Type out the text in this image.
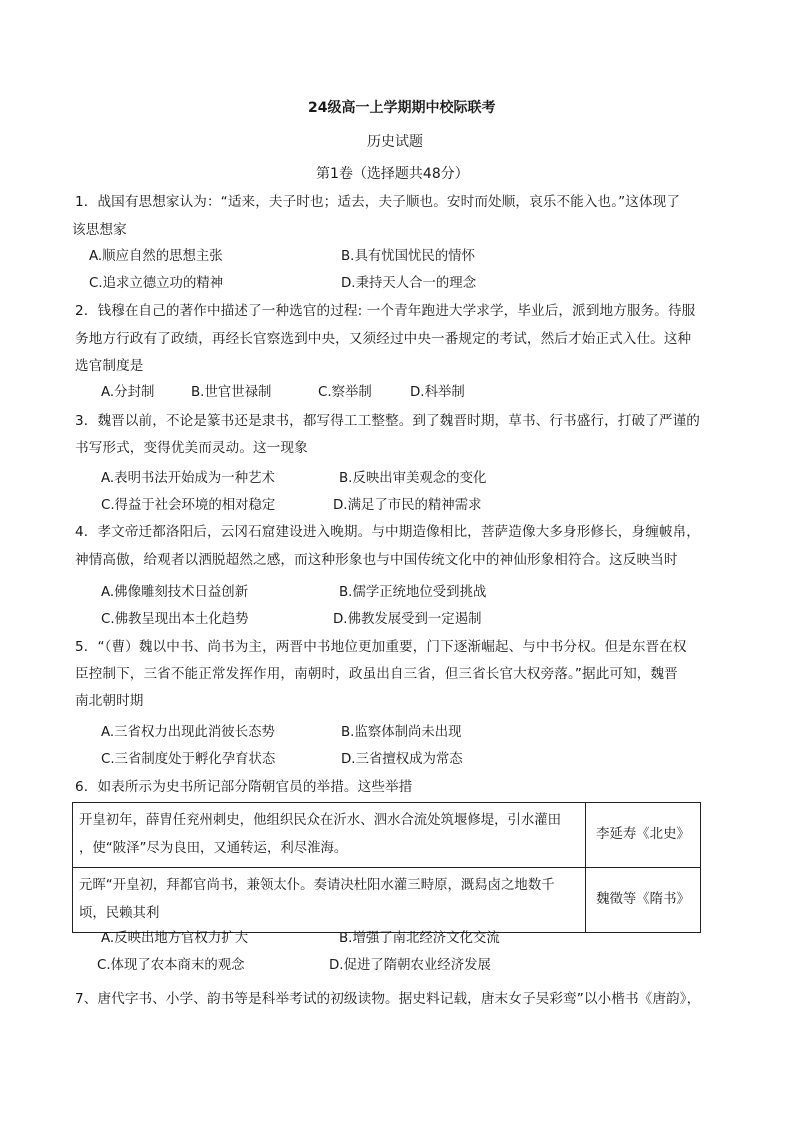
24级高一上学期期中校际联考
历史试题
第1卷（选择题共48分）
1．战国有思想家认为：“适来，夫子时也；适去，夫子顺也。安时而处顺，哀乐不能入也。”这体现了
该思想家
A.顺应自然的思想主张	B.具有忧国忧民的情怀
C.追求立德立功的精神	D.秉持天人合一的理念
2．钱穆在自己的著作中描述了一种选官的过程: 一个青年跑进大学求学，毕业后，派到地方服务。待服
务地方行政有了政绩，再经长官察选到中央，又须经过中央一番规定的考试，然后才始正式入仕。这种
选官制度是
A.分封制	B.世官世禄制	C.察举制	D.科举制
3．魏晋以前，不论是篆书还是隶书，都写得工工整整。到了魏晋时期，草书、行书盛行，打破了严谨的
书写形式，变得优美而灵动。这一现象
A.表明书法开始成为一种艺术	B.反映出审美观念的变化
C.得益于社会环境的相对稳定	D.满足了市民的精神需求
4．孝文帝迁都洛阳后，云冈石窟建设进入晚期。与中期造像相比，菩萨造像大多身形修长，身缠帔帛，
神情高傲，给观者以洒脱超然之感，而这种形象也与中国传统文化中的神仙形象相符合。这反映当时
A.佛像雕刻技术日益创新	B.儒学正统地位受到挑战
C.佛教呈现出本土化趋势	D.佛教发展受到一定遏制
5．“（曹）魏以中书、尚书为主，两晋中书地位更加重要，门下逐渐崛起、与中书分权。但是东晋在权
臣控制下，三省不能正常发挥作用，南朝时，政虽出自三省，但三省长官大权旁落。”据此可知，魏晋
南北朝时期
A.三省权力出现此消彼长态势	B.监察体制尚未出现
C.三省制度处于孵化孕育状态	D.三省擅权成为常态
6．如表所示为史书所记部分隋朝官员的举措。这些举措
开皇初年，薛胄任兖州刺史，他组织民众在沂水、泗水合流处筑堰修堤，引水灌田
，使“陂泽”尽为良田，又通转运，利尽淮海。	李延寿《北史》

元晖“开皇初，拜都官尚书，兼领太仆。奏请决杜阳水灌三畤原，溉舄卤之地数千
顷，民赖其利	魏徵等《隋书》
A.反映出地方官权力扩大	B.增强了南北经济文化交流
C.体现了农本商末的观念	D.促进了隋朝农业经济发展
7、唐代字书、小学、韵书等是科举考试的初级读物。据史料记载，唐末女子吴彩鸾”以小楷书《唐韵》，
